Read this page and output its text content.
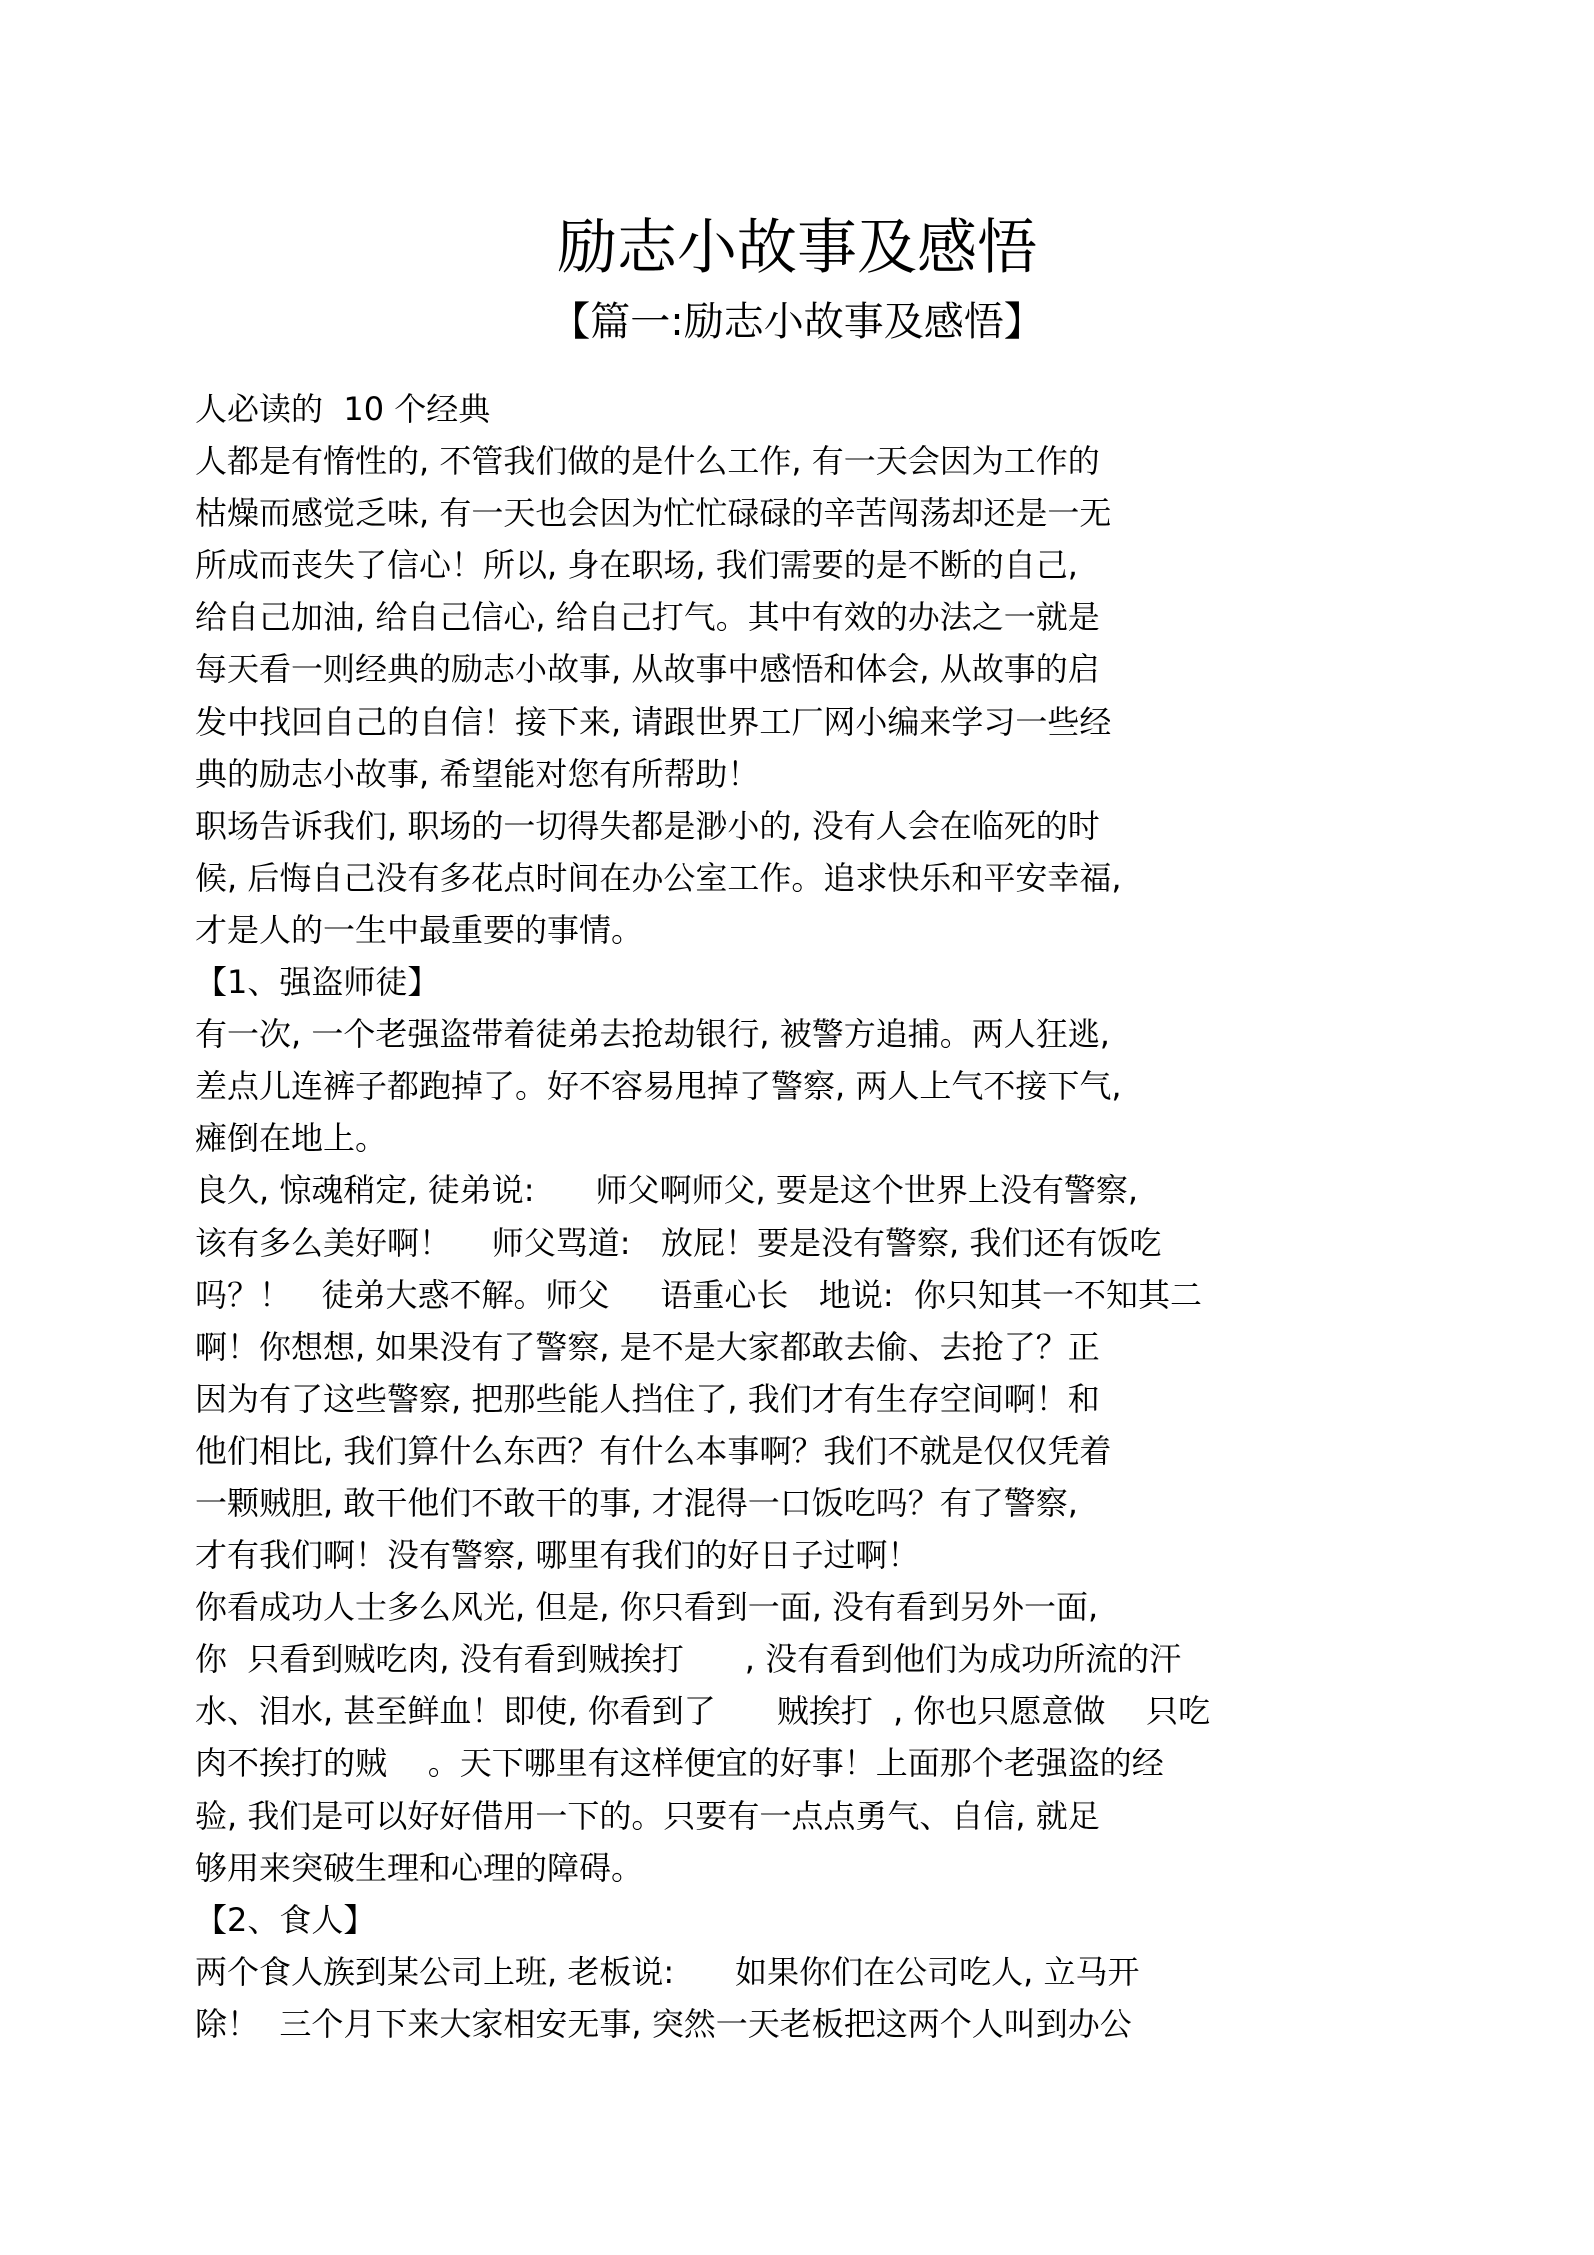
励志小故事及感悟
【篇一:励志小故事及感悟】
人必读的  10 个经典
人都是有惰性的, 不管我们做的是什么工作, 有一天会因为工作的
枯燥而感觉乏味, 有一天也会因为忙忙碌碌的辛苦闯荡却还是一无
所成而丧失了信心！所以, 身在职场, 我们需要的是不断的自己,
给自己加油, 给自己信心, 给自己打气。其中有效的办法之一就是
每天看一则经典的励志小故事, 从故事中感悟和体会, 从故事的启
发中找回自己的自信！接下来, 请跟世界工厂网小编来学习一些经
典的励志小故事, 希望能对您有所帮助！
职场告诉我们, 职场的一切得失都是渺小的, 没有人会在临死的时
候, 后悔自己没有多花点时间在办公室工作。追求快乐和平安幸福,
才是人的一生中最重要的事情。
【1、强盗师徒】
有一次, 一个老强盗带着徒弟去抢劫银行, 被警方追捕。两人狂逃,
差点儿连裤子都跑掉了。好不容易甩掉了警察, 两人上气不接下气,
瘫倒在地上。
良久, 惊魂稍定, 徒弟说:      师父啊师父, 要是这个世界上没有警察,
该有多么美好啊！    师父骂道:   放屁！要是没有警察, 我们还有饭吃
吗？！   徒弟大惑不解。师父     语重心长   地说:  你只知其一不知其二
啊！你想想, 如果没有了警察, 是不是大家都敢去偷、去抢了？正
因为有了这些警察, 把那些能人挡住了, 我们才有生存空间啊！和
他们相比, 我们算什么东西？有什么本事啊？我们不就是仅仅凭着
一颗贼胆, 敢干他们不敢干的事, 才混得一口饭吃吗？有了警察,
才有我们啊！没有警察, 哪里有我们的好日子过啊！
你看成功人士多么风光, 但是, 你只看到一面, 没有看到另外一面,
你  只看到贼吃肉, 没有看到贼挨打      , 没有看到他们为成功所流的汗
水、泪水, 甚至鲜血！即使, 你看到了      贼挨打  , 你也只愿意做    只吃
肉不挨打的贼    。天下哪里有这样便宜的好事！上面那个老强盗的经
验, 我们是可以好好借用一下的。只要有一点点勇气、自信, 就足
够用来突破生理和心理的障碍。
【2、食人】
两个食人族到某公司上班, 老板说:      如果你们在公司吃人, 立马开
除！  三个月下来大家相安无事, 突然一天老板把这两个人叫到办公
